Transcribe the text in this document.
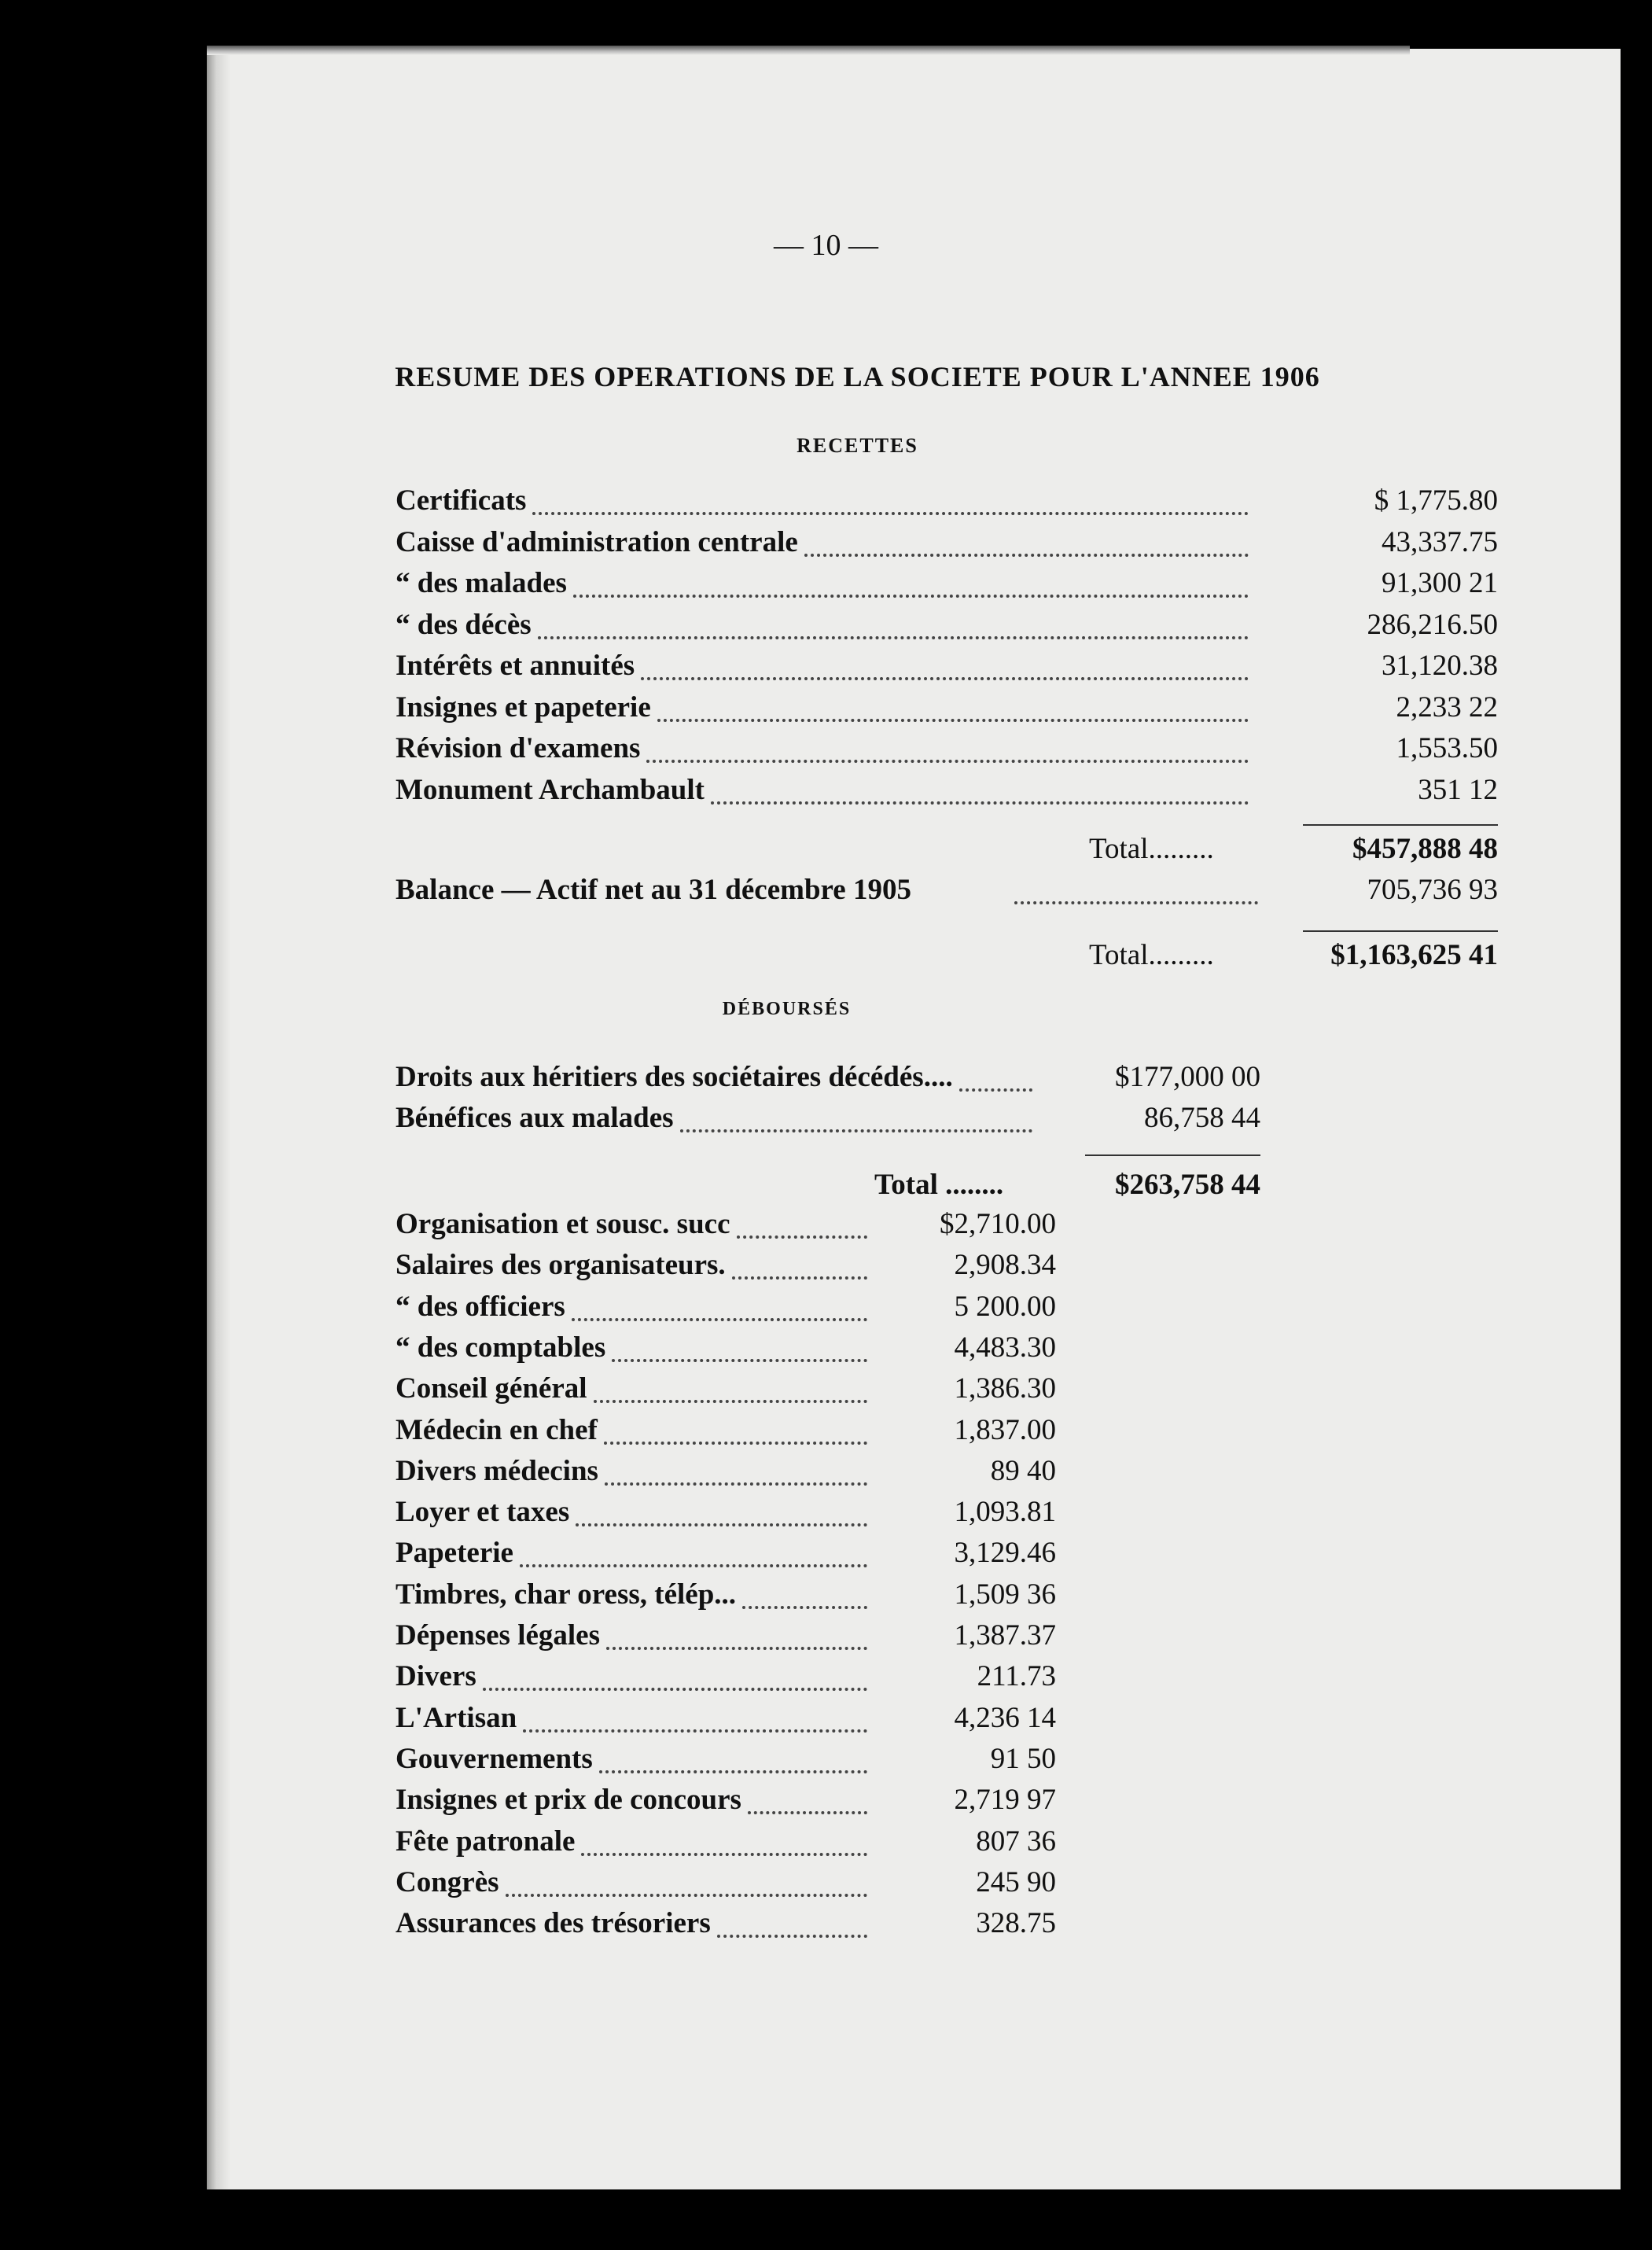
— 10 —
RESUME DES OPERATIONS DE LA SOCIETE POUR L'ANNEE 1906
RECETTES
Certificats	$ 1,775.80
Caisse d'administration centrale	43,337.75
“ des malades	91,300 21
“ des décès	286,216.50
Intérêts et annuités	31,120.38
Insignes et papeterie	2,233 22
Révision d'examens	1,553.50
Monument Archambault	351 12
Total.........	$457,888 48
Balance — Actif net au 31 décembre 1905	705,736 93
Total.........	$1,163,625 41
DÉBOURSÉS
Droits aux héritiers des sociétaires décédés....	$177,000 00
Bénéfices aux malades	86,758 44
Total ........	$263,758 44
Organisation et sousc. succ	$2,710.00
Salaires des organisateurs.	2,908.34
“ des officiers	5 200.00
“ des comptables	4,483.30
Conseil général	1,386.30
Médecin en chef	1,837.00
Divers médecins	89 40
Loyer et taxes	1,093.81
Papeterie	3,129.46
Timbres, char oress, télép...	1,509 36
Dépenses légales	1,387.37
Divers	211.73
L'Artisan	4,236 14
Gouvernements	91 50
Insignes et prix de concours	2,719 97
Fête patronale	807 36
Congrès	245 90
Assurances des trésoriers	328.75
